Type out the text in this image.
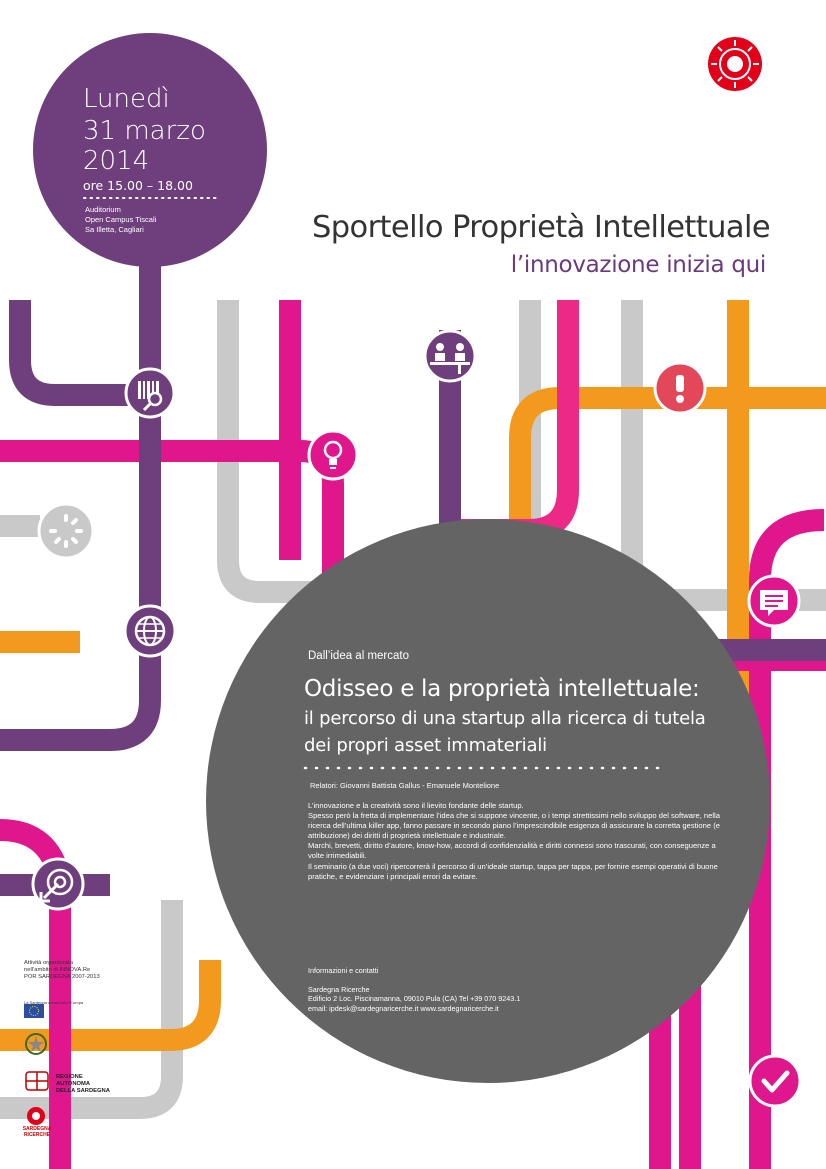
Lunedì
31 marzo
2014
ore 15.00 – 18.00
Auditorium
Open Campus Tiscali
Sa Illetta, Cagliari	Sportello Proprietà Intellettuale
l’innovazione inizia qui
Dall’idea al mercato
Odisseo e la proprietà intellettuale:
il percorso di una startup alla ricerca di tutela
dei propri asset immateriali
Relatori: Giovanni Battista Gallus - Emanuele Montelione

L’innovazione e la creatività sono il lievito fondante delle startup.

Spesso però la fretta di implementare l’idea che si suppone vincente, o i tempi strettissimi nello sviluppo del software, nella ricerca dell’ultima killer app, fanno passare in secondo piano l’imprescindibile esigenza di assicurare la corretta gestione (e attribuzione) dei diritti di proprietà intellettuale e industriale.

Marchi, brevetti, diritto d’autore, know-how, accordi di confidenzialità e diritti connessi sono trascurati, con conseguenze a volte irrimediabili.

Il seminario (a due voci) ripercorrerà il percorso di un’ideale startup, tappa per tappa, per fornire esempi operativi di buone pratiche, e evidenziare i principali errori da evitare.

Informazioni e contatti

Sardegna Ricerche

Edificio 2 Loc. Piscinamanna, 09010 Pula (CA) Tel +39 070 9243.1

email: ipdesk@sardegnaricerche.it www.sardegnaricerche.it

Attività organizzata
nell’ambito di INNOVA.Re
POR SARDEGNA 2007-2013
La Sardegna cresce con l’Europa
REGIONE
AUTONOMA
DELLA SARDEGNA
SARDEGNA
RICERCHE
